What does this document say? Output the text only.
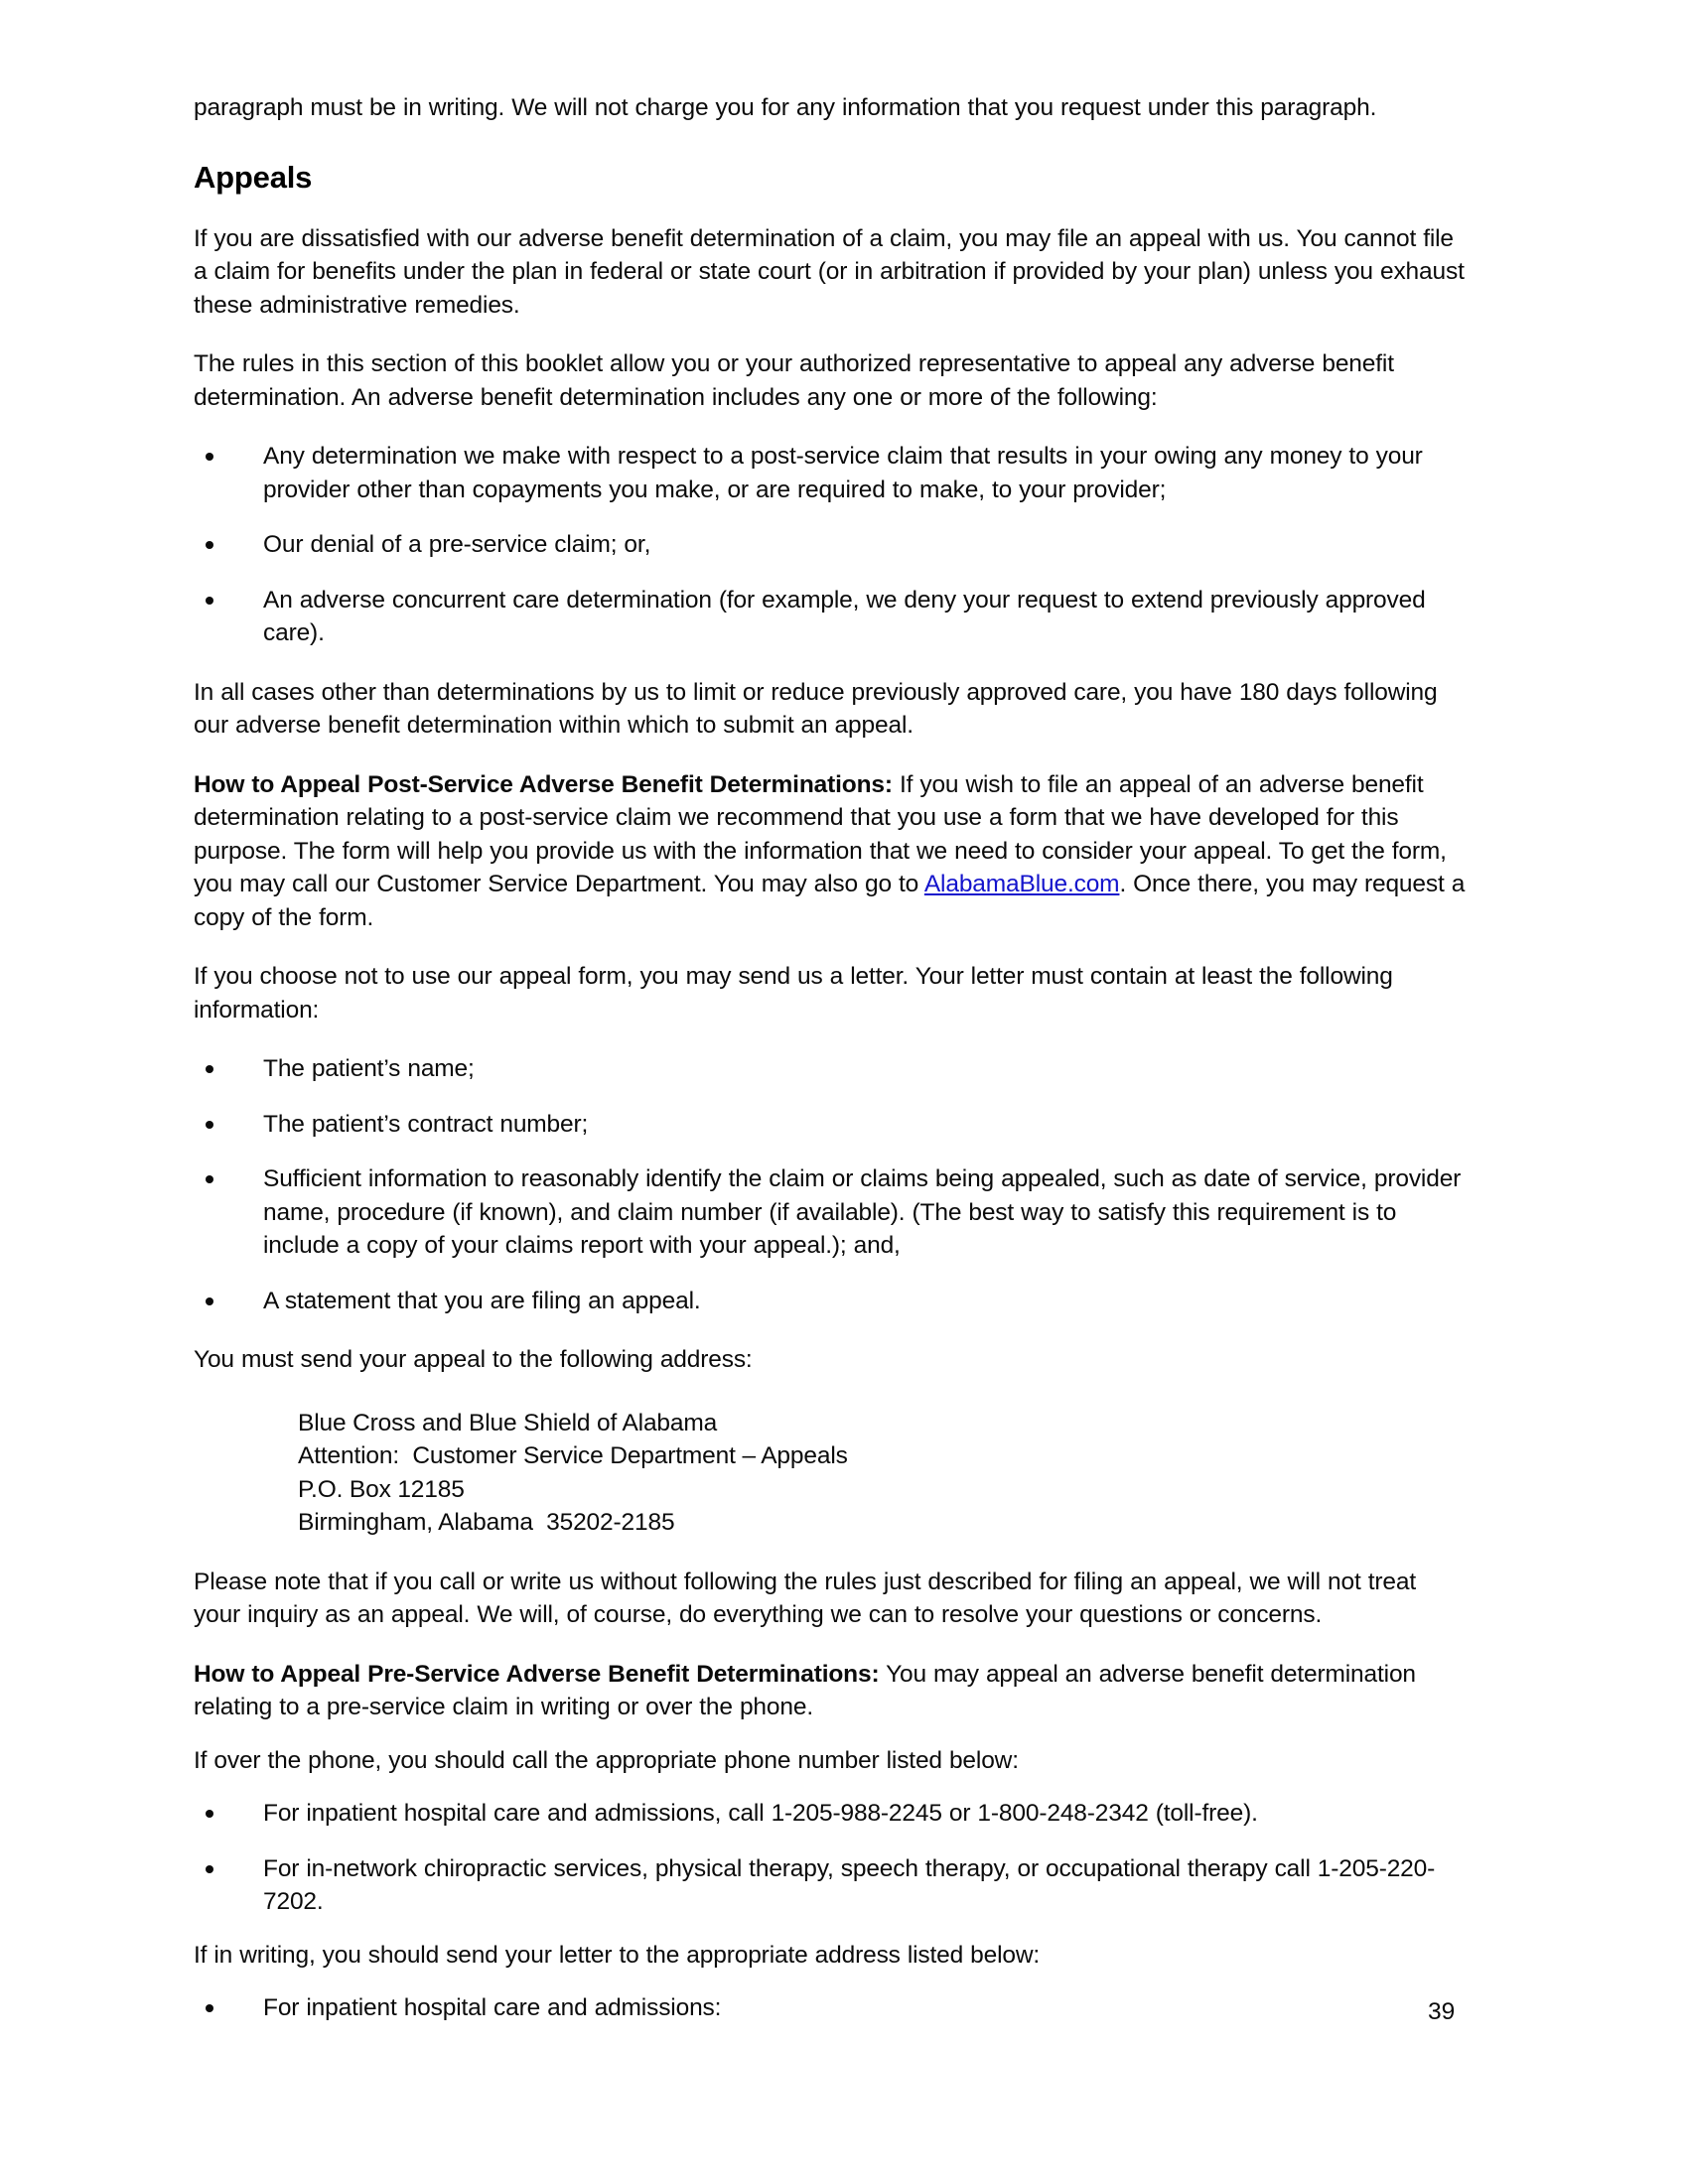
paragraph must be in writing. We will not charge you for any information that you request under this paragraph.

Appeals

If you are dissatisfied with our adverse benefit determination of a claim, you may file an appeal with us. You cannot file a claim for benefits under the plan in federal or state court (or in arbitration if provided by your plan) unless you exhaust these administrative remedies.

The rules in this section of this booklet allow you or your authorized representative to appeal any adverse benefit determination. An adverse benefit determination includes any one or more of the following:

Any determination we make with respect to a post-service claim that results in your owing any money to your provider other than copayments you make, or are required to make, to your provider;
Our denial of a pre-service claim; or,
An adverse concurrent care determination (for example, we deny your request to extend previously approved care).

In all cases other than determinations by us to limit or reduce previously approved care, you have 180 days following our adverse benefit determination within which to submit an appeal.

How to Appeal Post-Service Adverse Benefit Determinations: If you wish to file an appeal of an adverse benefit determination relating to a post-service claim we recommend that you use a form that we have developed for this purpose. The form will help you provide us with the information that we need to consider your appeal. To get the form, you may call our Customer Service Department. You may also go to AlabamaBlue.com. Once there, you may request a copy of the form.

If you choose not to use our appeal form, you may send us a letter. Your letter must contain at least the following information:

The patient’s name;
The patient’s contract number;
Sufficient information to reasonably identify the claim or claims being appealed, such as date of service, provider name, procedure (if known), and claim number (if available). (The best way to satisfy this requirement is to include a copy of your claims report with your appeal.); and,
A statement that you are filing an appeal.

You must send your appeal to the following address:

Blue Cross and Blue Shield of Alabama
Attention:  Customer Service Department – Appeals
P.O. Box 12185
Birmingham, Alabama  35202-2185

Please note that if you call or write us without following the rules just described for filing an appeal, we will not treat your inquiry as an appeal. We will, of course, do everything we can to resolve your questions or concerns.

How to Appeal Pre-Service Adverse Benefit Determinations: You may appeal an adverse benefit determination relating to a pre-service claim in writing or over the phone.

If over the phone, you should call the appropriate phone number listed below:

For inpatient hospital care and admissions, call 1-205-988-2245 or 1-800-248-2342 (toll-free).
For in-network chiropractic services, physical therapy, speech therapy, or occupational therapy call 1-205-220-7202.

If in writing, you should send your letter to the appropriate address listed below:

For inpatient hospital care and admissions:	39
